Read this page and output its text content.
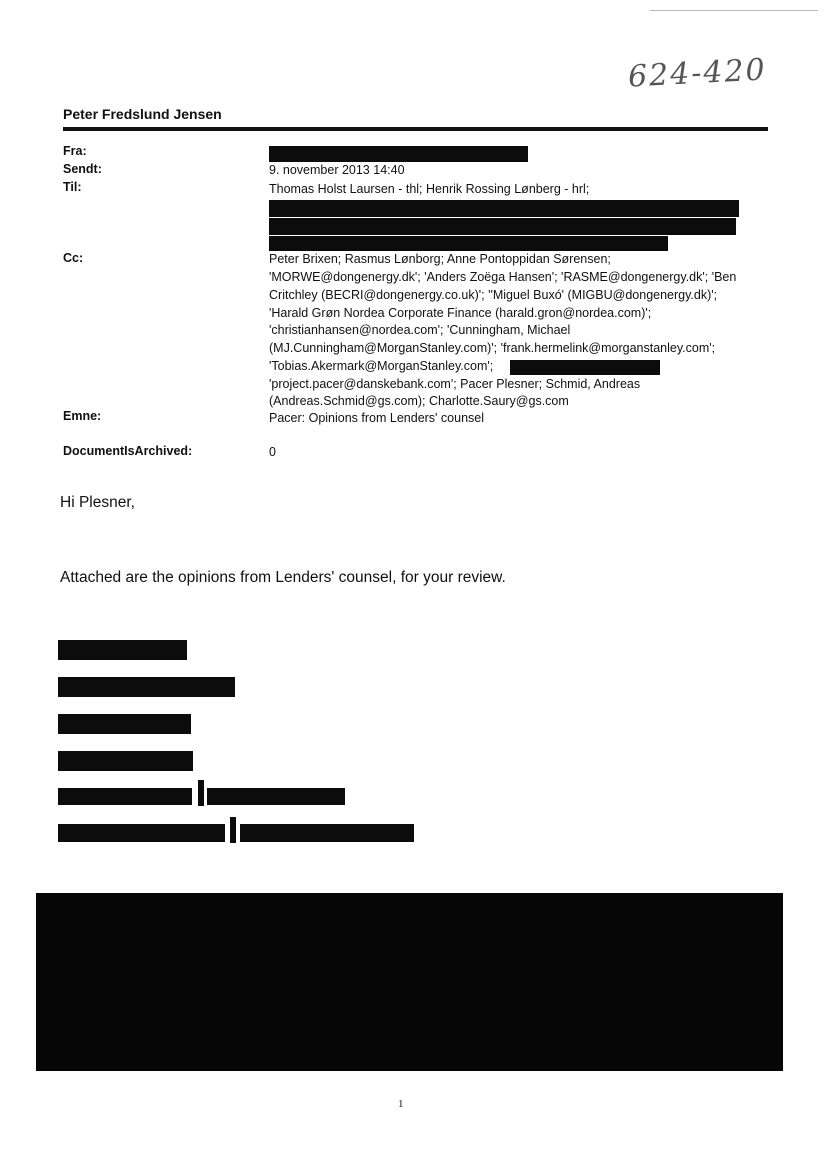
624-420
Peter Fredslund Jensen
Fra:
Sendt:
Til:
Cc:
Emne:
DocumentIsArchived:
9. november 2013 14:40
Thomas Holst Laursen - thl; Henrik Rossing Lønberg - hrl;
Peter Brixen; Rasmus Lønborg; Anne Pontoppidan Sørensen;
'MORWE@dongenergy.dk'; 'Anders Zoëga Hansen'; 'RASME@dongenergy.dk'; 'Ben
Critchley (BECRI@dongenergy.co.uk)'; ''Miguel Buxó' (MIGBU@dongenergy.dk)';
'Harald Grøn Nordea Corporate Finance (harald.gron@nordea.com)';
'christianhansen@nordea.com'; 'Cunningham, Michael
(MJ.Cunningham@MorganStanley.com)'; 'frank.hermelink@morganstanley.com';
'Tobias.Akermark@MorganStanley.com';
'project.pacer@danskebank.com'; Pacer Plesner; Schmid, Andreas
(Andreas.Schmid@gs.com); Charlotte.Saury@gs.com
Pacer: Opinions from Lenders' counsel
0
Hi Plesner,
Attached are the opinions from Lenders' counsel, for your review.
1
